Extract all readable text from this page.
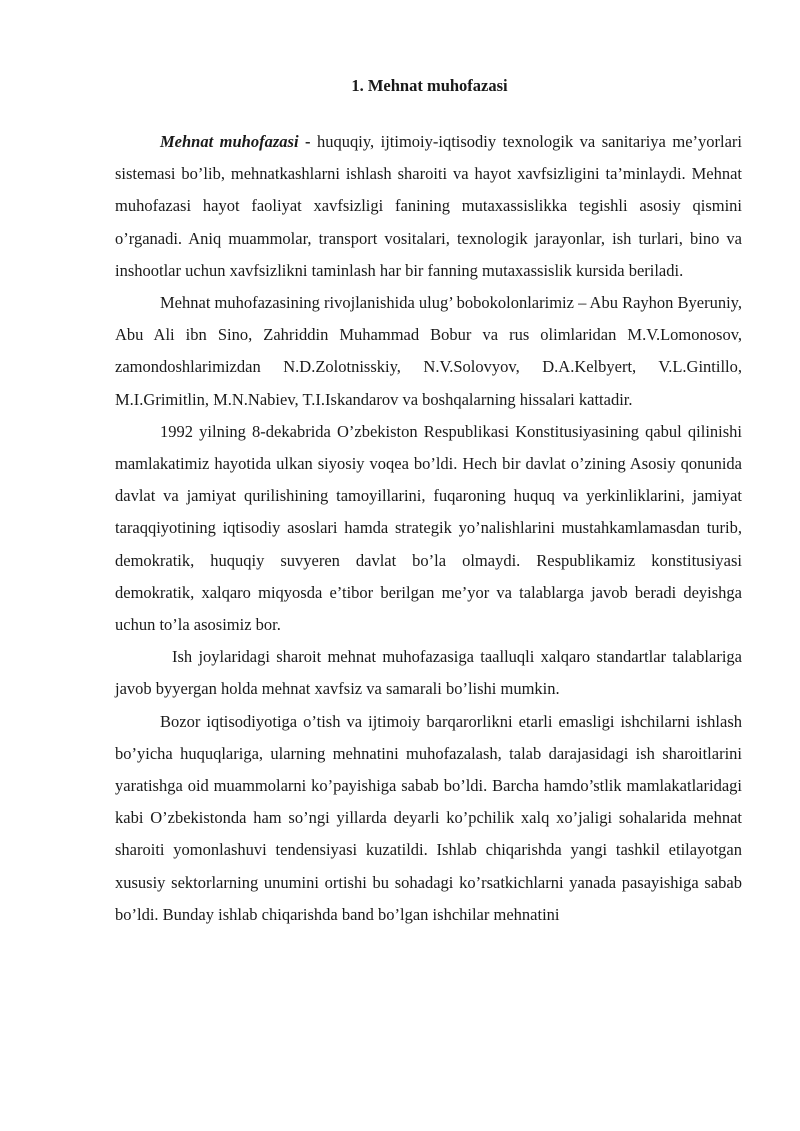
1. Mehnat muhofazasi

Mehnat muhofazasi - huquqiy, ijtimoiy-iqtisodiy texnologik va sanitariya me’yorlari sistemasi bo’lib, mehnatkashlarni ishlash sharoiti va hayot xavfsizligini ta’minlaydi. Mehnat muhofazasi hayot faoliyat xavfsizligi fanining mutaxassislikka tegishli asosiy qismini o’rganadi. Aniq muammolar, transport vositalari, texnologik jarayonlar, ish turlari, bino va inshootlar uchun xavfsizlikni taminlash har bir fanning mutaxassislik kursida beriladi.

Mehnat muhofazasining rivojlanishida ulug’ bobokolonlarimiz – Abu Rayhon Byeruniy, Abu Ali ibn Sino, Zahriddin Muhammad Bobur va rus olimlaridan M.V.Lomonosov, zamondoshlarimizdan N.D.Zolotnisskiy, N.V.Solovyov, D.A.Kelbyert, V.L.Gintillo, M.I.Grimitlin, M.N.Nabiev, T.I.Iskandarov va boshqalarning hissalari kattadir.

1992 yilning 8-dekabrida O’zbekiston Respublikasi Konstitusiyasining qabul qilinishi mamlakatimiz hayotida ulkan siyosiy voqea bo’ldi. Hech bir davlat o’zining Asosiy qonunida davlat va jamiyat qurilishining tamoyillarini, fuqaroning huquq va yerkinliklarini, jamiyat taraqqiyotining iqtisodiy asoslari hamda strategik yo’nalishlarini mustahkamlamasdan turib, demokratik, huquqiy suvyeren davlat bo’la olmaydi. Respublikamiz konstitusiyasi demokratik, xalqaro miqyosda e’tibor berilgan me’yor va talablarga javob beradi deyishga uchun to’la asosimiz bor.

Ish joylaridagi sharoit mehnat muhofazasiga taalluqli xalqaro standartlar talablariga javob byyergan holda mehnat xavfsiz va samarali bo’lishi mumkin.

Bozor iqtisodiyotiga o’tish va ijtimoiy barqarorlikni etarli emasligi ishchilarni ishlash bo’yicha huquqlariga, ularning mehnatini muhofazalash, talab darajasidagi ish sharoitlarini yaratishga oid muammolarni ko’payishiga sabab bo’ldi. Barcha hamdo’stlik mamlakatlaridagi kabi O’zbekistonda ham so’ngi yillarda deyarli ko’pchilik xalq xo’jaligi sohalarida mehnat sharoiti yomonlashuvi tendensiyasi kuzatildi. Ishlab chiqarishda yangi tashkil etilayotgan xususiy sektorlarning unumini ortishi bu sohadagi ko’rsatkichlarni yanada pasayishiga sabab bo’ldi. Bunday ishlab chiqarishda band bo’lgan ishchilar mehnatini
